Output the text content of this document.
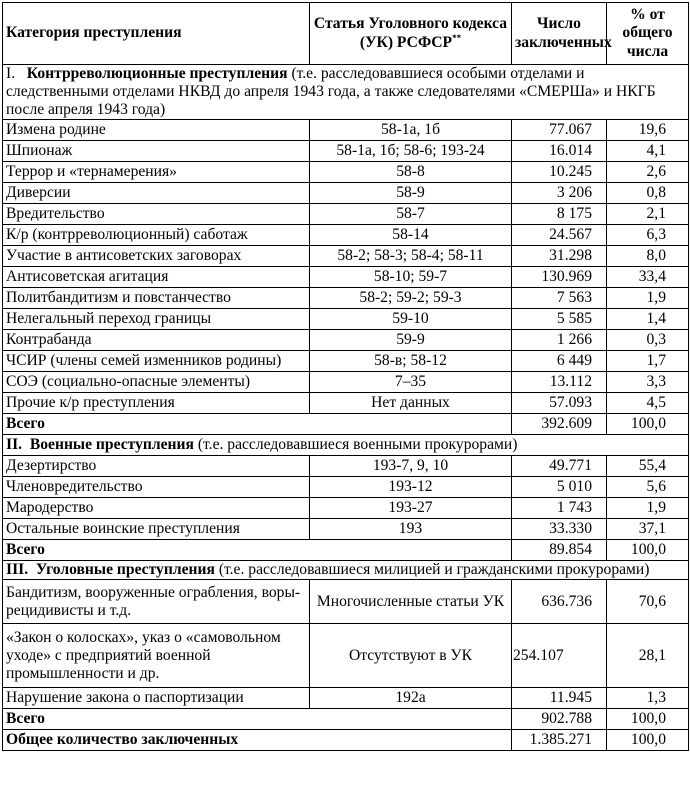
Категория преступления	Статья Уголовного кодекса (УК) РСФСР**	Число заключенных	% от общего числа
I. Контрреволюционные преступления (т.е. расследовавшиеся особыми отделами и следственными отделами НКВД до апреля 1943 года, а также следователями «СМЕРШа» и НКГБ после апреля 1943 года)			
Измена родине	58-1а, 1б	77.067	19,6
Шпионаж	58-1а, 1б; 58-6; 193-24	16.014	4,1
Террор и «тернамерения»	58-8	10.245	2,6
Диверсии	58-9	3 206	0,8
Вредительство	58-7	8 175	2,1
К/р (контрреволюционный) саботаж	58-14	24.567	6,3
Участие в антисоветских заговорах	58-2; 58-3; 58-4; 58-11	31.298	8,0
Антисоветская агитация	58-10; 59-7	130.969	33,4
Политбандитизм и повстанчество	58-2; 59-2; 59-3	7 563	1,9
Нелегальный переход границы	59-10	5 585	1,4
Контрабанда	59-9	1 266	0,3
ЧСИР (члены семей изменников родины)	58-в; 58-12	6 449	1,7
СОЭ (социально-опасные элементы)	7–35	13.112	3,3
Прочие к/р преступления	Нет данных	57.093	4,5
Всего		392.609	100,0
II. Военные преступления (т.е. расследовавшиеся военными прокурорами)			
Дезертирство	193-7, 9, 10	49.771	55,4
Членовредительство	193-12	5 010	5,6
Мародерство	193-27	1 743	1,9
Остальные воинские преступления	193	33.330	37,1
Всего		89.854	100,0
III. Уголовные преступления (т.е. расследовавшиеся милицией и гражданскими прокурорами)			
Бандитизм, вооруженные ограбления, воры-рецидивисты и т.д.	Многочисленные статьи УК	636.736	70,6
«Закон о колосках», указ о «самовольном уходе» с предприятий военной промышленности и др.	Отсутствуют в УК	254.107	28,1
Нарушение закона о паспортизации	192а	11.945	1,3
Всего		902.788	100,0
Общее количество заключенных		1.385.271	100,0
